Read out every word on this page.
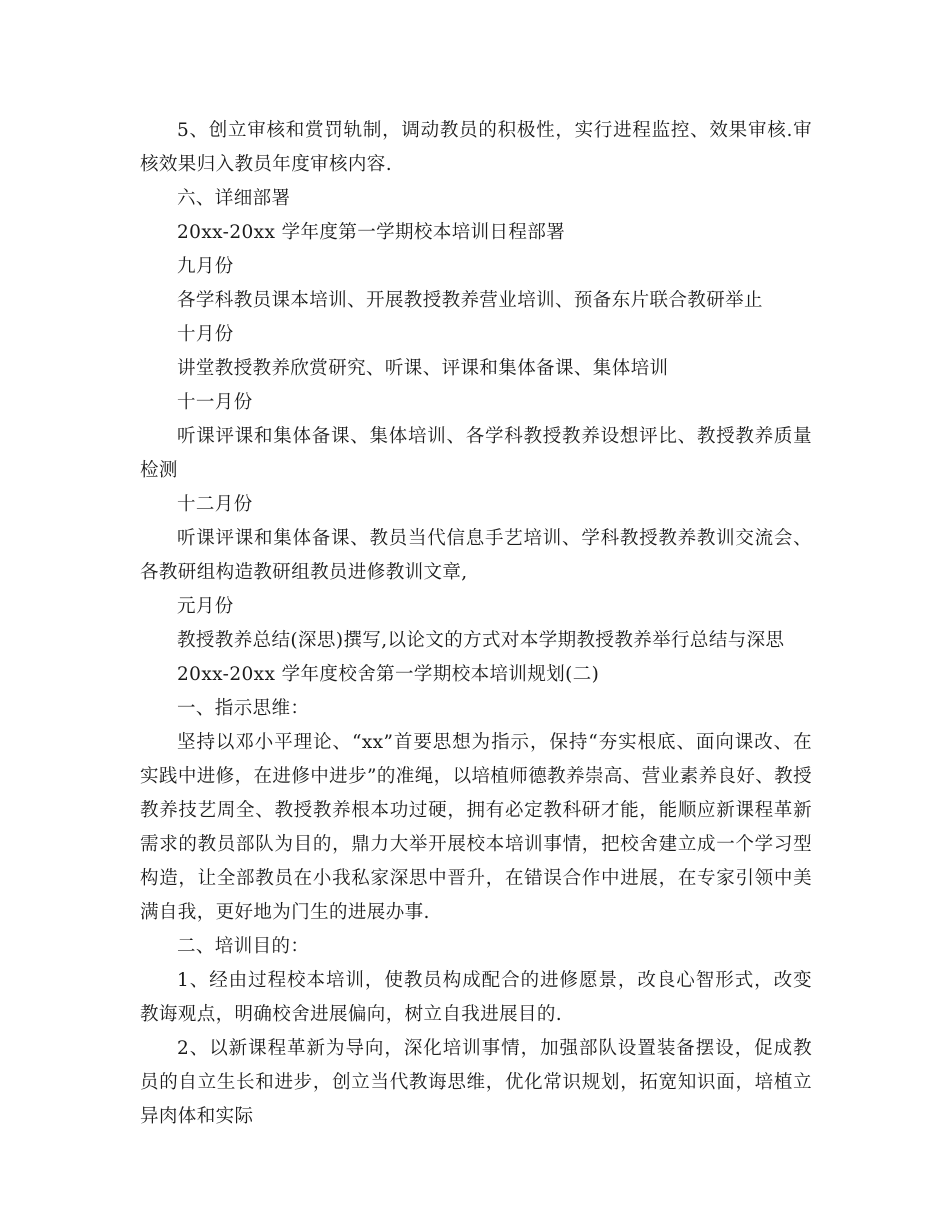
5、创立审核和赏罚轨制，调动教员的积极性，实行进程监控、效果审核.审核效果归入教员年度审核内容.

六、详细部署

20xx-20xx 学年度第一学期校本培训日程部署

九月份

各学科教员课本培训、开展教授教养营业培训、预备东片联合教研举止

十月份

讲堂教授教养欣赏研究、听课、评课和集体备课、集体培训

十一月份

听课评课和集体备课、集体培训、各学科教授教养设想评比、教授教养质量检测

十二月份

听课评课和集体备课、教员当代信息手艺培训、学科教授教养教训交流会、各教研组构造教研组教员进修教训文章,

元月份

教授教养总结(深思)撰写,以论文的方式对本学期教授教养举行总结与深思

20xx-20xx 学年度校舍第一学期校本培训规划(二)

一、指示思维：

坚持以邓小平理论、“xx”首要思想为指示，保持“夯实根底、面向课改、在实践中进修，在进修中进步”的准绳，以培植师德教养崇高、营业素养良好、教授教养技艺周全、教授教养根本功过硬，拥有必定教科研才能，能顺应新课程革新需求的教员部队为目的，鼎力大举开展校本培训事情，把校舍建立成一个学习型构造，让全部教员在小我私家深思中晋升，在错误合作中进展，在专家引领中美满自我，更好地为门生的进展办事.

二、培训目的：

1、经由过程校本培训，使教员构成配合的进修愿景，改良心智形式，改变教诲观点，明确校舍进展偏向，树立自我进展目的.

2、以新课程革新为导向，深化培训事情，加强部队设置装备摆设，促成教员的自立生长和进步，创立当代教诲思维，优化常识规划，拓宽知识面，培植立异肉体和实际
